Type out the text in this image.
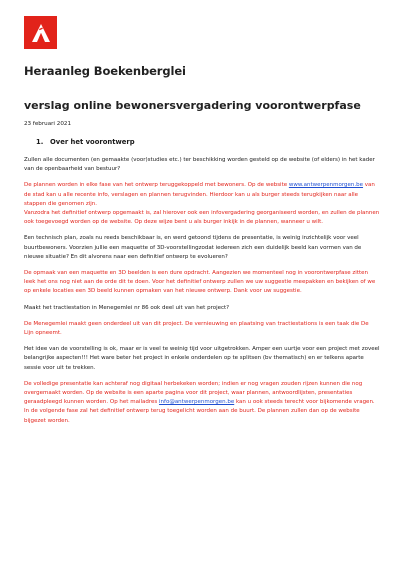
Heraanleg Boekenberglei
verslag online bewonersvergadering voorontwerpfase
23 februari 2021
1. Over het voorontwerp

Zullen alle documenten (en gemaakte (voor)studies etc.) ter beschikking worden gesteld op de website (of elders) in het kader van de openbaarheid van bestuur?

De plannen worden in elke fase van het ontwerp teruggekoppeld met bewoners. Op de website www.antwerpenmorgen.be van de stad kan u alle recente info, verslagen en plannen terugvinden. Hierdoor kan u als burger steeds terugkijken naar alle stappen die genomen zijn.
Vanzodra het definitief ontwerp opgemaakt is, zal hierover ook een infovergadering georganiseerd worden, en zullen de plannen ook toegevoegd worden op de website. Op deze wijze bent u als burger inkijk in de plannen, wanneer u wilt.

Een technisch plan, zoals nu reeds beschikbaar is, en werd getoond tijdens de presentatie, is weinig inzichtelijk voor veel buurtbewoners. Voorzien jullie een maquette of 3D-voorstellingzodat iedereen zich een duidelijk beeld kan vormen van de nieuwe situatie? En dit alvorens naar een definitief ontwerp te evolueren?

De opmaak van een maquette en 3D beelden is een dure opdracht. Aangezien we momenteel nog in voorontwerpfase zitten leek het ons nog niet aan de orde dit te doen. Voor het definitief ontwerp zullen we uw suggestie meepakken en bekijken of we op enkele locaties een 3D beeld kunnen opmaken van het nieuwe ontwerp. Dank voor uw suggestie.

Maakt het tractiestation in Menegemlei nr 86 ook deel uit van het project?

De Menegemlei maakt geen onderdeel uit van dit project. De vernieuwing en plaatsing van tractiestations is een taak die De Lijn opneemt.

Het idee van de voorstelling is ok, maar er is veel te weinig tijd voor uitgetrokken. Amper een uurtje voor een project met zoveel belangrijke aspecten!!! Het ware beter het project in enkele onderdelen op te splitsen (bv thematisch) en er telkens aparte sessie voor uit te trekken.

De volledige presentatie kan achteraf nog digitaal herbekeken worden; indien er nog vragen zouden rijzen kunnen die nog overgemaakt worden. Op de website is een aparte pagina voor dit project, waar plannen, antwoordlijsten, presentaties geraadpleegd kunnen worden. Op het mailadres info@antwerpenmorgen.be kan u ook steeds terecht voor bijkomende vragen. In de volgende fase zal het definitief ontwerp terug toegelicht worden aan de buurt. De plannen zullen dan op de website bijgezet worden.
